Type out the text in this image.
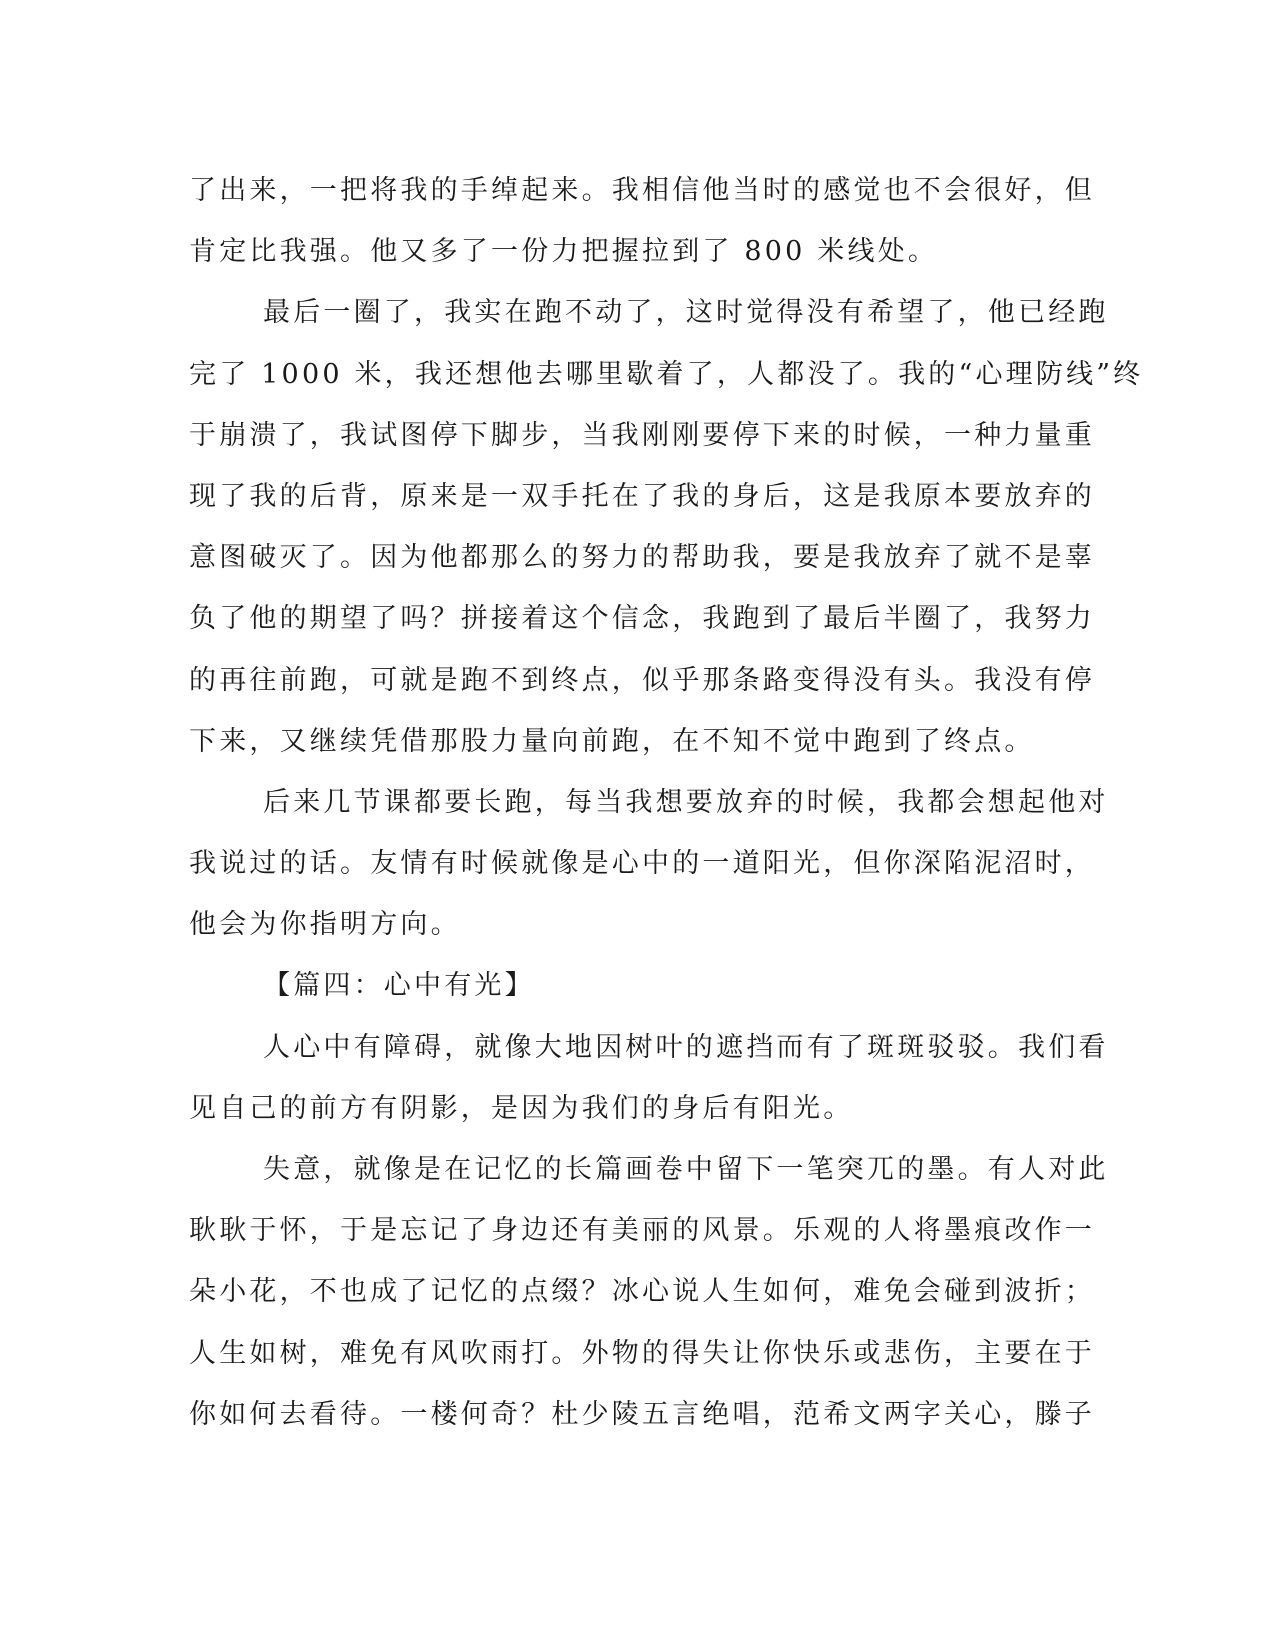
了出来，一把将我的手绰起来。我相信他当时的感觉也不会很好，但
肯定比我强。他又多了一份力把握拉到了 800 米线处。
最后一圈了，我实在跑不动了，这时觉得没有希望了，他已经跑
完了 1000 米，我还想他去哪里歇着了，人都没了。我的“心理防线”终
于崩溃了，我试图停下脚步，当我刚刚要停下来的时候，一种力量重
现了我的后背，原来是一双手托在了我的身后，这是我原本要放弃的
意图破灭了。因为他都那么的努力的帮助我，要是我放弃了就不是辜
负了他的期望了吗？拼接着这个信念，我跑到了最后半圈了，我努力
的再往前跑，可就是跑不到终点，似乎那条路变得没有头。我没有停
下来，又继续凭借那股力量向前跑，在不知不觉中跑到了终点。
后来几节课都要长跑，每当我想要放弃的时候，我都会想起他对
我说过的话。友情有时候就像是心中的一道阳光，但你深陷泥沼时，
他会为你指明方向。
【篇四：心中有光】
人心中有障碍，就像大地因树叶的遮挡而有了斑斑驳驳。我们看
见自己的前方有阴影，是因为我们的身后有阳光。
失意，就像是在记忆的长篇画卷中留下一笔突兀的墨。有人对此
耿耿于怀，于是忘记了身边还有美丽的风景。乐观的人将墨痕改作一
朵小花，不也成了记忆的点缀？冰心说人生如何，难免会碰到波折；
人生如树，难免有风吹雨打。外物的得失让你快乐或悲伤，主要在于
你如何去看待。一楼何奇？杜少陵五言绝唱，范希文两字关心，滕子
